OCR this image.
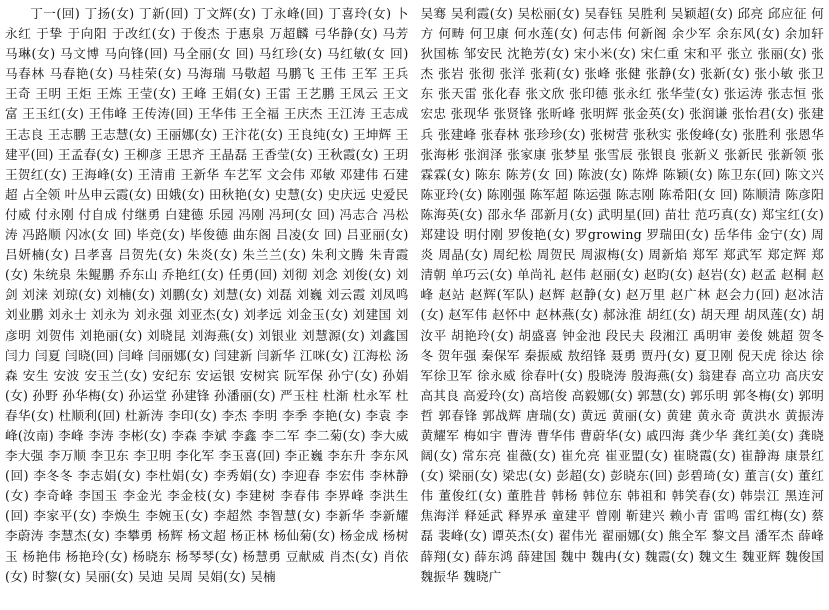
丁一(回) 丁扬(女) 丁新(回) 丁文辉(女) 丁永峰(回) 丁喜玲(女) 卜永红 于挚 于向阳 于改红(女) 于俊杰 于惠泉 万超麟 弓华静(女) 马芳 马琳(女) 马文博 马向锋(回) 马全丽(女 回) 马红珍(女) 马红敏(女 回) 马春林 马春艳(女) 马桂荣(女) 马海瑞 马敬超 马鹏飞 王伟 王军 王兵 王奇 王明 王炬 王炼 王莹(女) 王峰 王娟(女) 王雷 王艺鹏 王凤云 王文富 王玉红(女) 王伟峰 王传涛(回) 王华伟 王全福 王庆杰 王江涛 王志成 王志良 王志鹏 王志慧(女) 王丽娜(女) 王汴花(女) 王良纯(女) 王坤辉 王建平(回) 王孟春(女) 王柳彦 王思齐 王晶磊 王香莹(女) 王秋霞(女) 王玥 王贺红(女) 王海峰(女) 王清甫 王新华 车艺军 文会伟 邓敏 邓建伟 石建超 占全领 叶丛申云霞(女) 田娥(女) 田秋艳(女) 史慧(女) 史庆远 史爱民 付威 付永刚 付自成 付继勇 白建德 乐园 冯刚 冯珂(女 回) 冯志合 冯松涛 冯路顺 闪冰(女 回) 毕竞(女) 毕俊德 曲东阁 吕凌(女 回) 吕亚丽(女) 吕妍楠(女) 吕孝喜 吕贺先(女) 朱炎(女) 朱兰兰(女) 朱利文腾 朱青霞(女) 朱统泉 朱鲲鹏 乔东山 乔艳红(女) 任勇(回) 刘彻 刘念 刘俊(女) 刘剑 刘涞 刘琼(女) 刘楠(女) 刘鹏(女) 刘慧(女) 刘磊 刘巍 刘云霞 刘凤鸣 刘业鹏 刘永士 刘永为 刘永强 刘亚杰(女) 刘孝远 刘金玉(女) 刘建国 刘彦明 刘贺伟 刘艳丽(女) 刘晓昆 刘海燕(女) 刘银业 刘慧源(女) 刘鑫国 闫力 闫夏 闫晓(回) 闫峰 闫丽娜(女) 闫建新 闫新华 江咪(女) 江海松 汤森 安生 安波 安玉兰(女) 安纪东 安运银 安树宾 阮军保 孙宁(女) 孙娟(女) 孙野 孙华梅(女) 孙运堂 孙建锋 孙潘丽(女) 严玉柱 杜渐 杜永军 杜春华(女) 杜顺利(回) 杜新涛 李印(女) 李杰 李明 李季 李艳(女) 李袁 李峰(汝南) 李峰 李涛 李彬(女) 李森 李斌 李鑫 李二军 李二菊(女) 李大威 李大强 李万顺 李卫东 李卫明 李化军 李玉喜(回) 李正巍 李东升 李东风(回) 李冬冬 李志娟(女) 李杜娟(女) 李秀娟(女) 李迎春 李宏伟 李林静(女) 李奇峰 李国玉 李金光 李金枝(女) 李建树 李春伟 李界峰 李洪生(回) 李家平(女) 李焕生 李婉玉(女) 李超然 李智慧(女) 李新华 李新耀 李蔚涛 李慧杰(女) 李攀勇 杨辉 杨文超 杨正林 杨仙菊(女) 杨金成 杨树玉 杨艳伟 杨艳玲(女) 杨晓东 杨琴琴(女) 杨慧勇 豆献威 肖杰(女) 肖依(女) 时黎(女) 吴丽(女) 吴迪 吴周 吴娟(女) 吴楠

吴骞 吴利霞(女) 吴松丽(女) 吴春钰 吴胜利 吴颖超(女) 邱亮 邱应征 何方 何畴 何卫康 何水莲(女) 何志伟 何新阁 余少军 余东风(女) 余加轩 狄国栋 邹安民 沈艳芳(女) 宋小米(女) 宋仁重 宋和平 张立 张丽(女) 张杰 张岩 张彻 张洋 张莉(女) 张峰 张健 张静(女) 张新(女) 张小敏 张卫东 张天雷 张化春 张文欣 张印德 张永红 张华莹(女) 张运涛 张志恒 张宏忠 张现华 张贤锋 张昕峰 张明辉 张金英(女) 张润谦 张怡君(女) 张建兵 张建峰 张春林 张珍珍(女) 张树营 张秋实 张俊峰(女) 张胜利 张恩华 张海彬 张润泽 张家康 张梦星 张雪辰 张银良 张新义 张新民 张新领 张霖霖(女) 陈东 陈芳(女 回) 陈波(女) 陈烨 陈颖(女) 陈卫东(回) 陈文兴 陈亚玲(女) 陈刚强 陈军超 陈运强 陈志刚 陈希阳(女 回) 陈顺清 陈彦阳 陈海英(女) 邵永华 邵新月(女) 武明星(回) 苗壮 范巧真(女) 郑宝红(女) 郑建设 明付刚 罗俊艳(女) 罗growing 罗瑞田(女) 岳华伟 金宁(女) 周炎 周晶(女) 周纪松 周贺民 周淑梅(女) 周新焰 郑军 郑武军 郑定辉 郑清朝 单巧云(女) 单尚礼 赵伟 赵丽(女) 赵昀(女) 赵岩(女) 赵孟 赵桐 赵峰 赵站 赵辉(军队) 赵辉 赵静(女) 赵万里 赵广林 赵会力(回) 赵冰洁(女) 赵军伟 赵怀中 赵林燕(女) 郝泳淮 胡红(女) 胡天理 胡凤莲(女) 胡汝平 胡艳玲(女) 胡盛喜 钟金池 段民夫 段湘江 禹明审 姜俊 姚超 贺冬冬 贺年强 秦保军 秦振威 敖绍锋 聂勇 贾丹(女) 夏卫刚 倪天虎 徐达 徐军徐卫军 徐永威 徐春叶(女) 殷晓涛 殷海燕(女) 翁建春 高立功 高庆安 高其良 高爱玲(女) 高培俊 高毅娜(女) 郭慧(女) 郭乐明 郭冬梅(女) 郭明哲 郭春锋 郭战辉 唐瑞(女) 黄远 黄丽(女) 黄建 黄永奇 黄洪水 黄振涛 黄耀军 梅如宇 曹涛 曹华伟 曹蔚华(女) 戚四海 龚少华 龚红美(女) 龚晓阔(女) 常东亮 崔薇(女) 崔允亮 崔亚盟(女) 崔晓霞(女) 崔静海 康景红(女) 梁丽(女) 梁忠(女) 彭超(女) 彭晓东(回) 彭碧琦(女) 董言(女) 董红伟 董俊红(女) 董胜昔 韩杨 韩位东 韩祖和 韩笑春(女) 韩崇江 黑连河 焦海洋 释延武 释界承 童建平 曾刚 靳建兴 赖小青 雷鸣 雷红梅(女) 蔡磊 裴峰(女) 谭英杰(女) 翟伟光 翟丽娜(女) 熊全军 黎文昌 潘军杰 薛峰 薛翔(女) 薛东鸿 薛建国 魏中 魏冉(女) 魏霞(女) 魏文生 魏亚辉 魏俊国 魏振华 魏晓广
